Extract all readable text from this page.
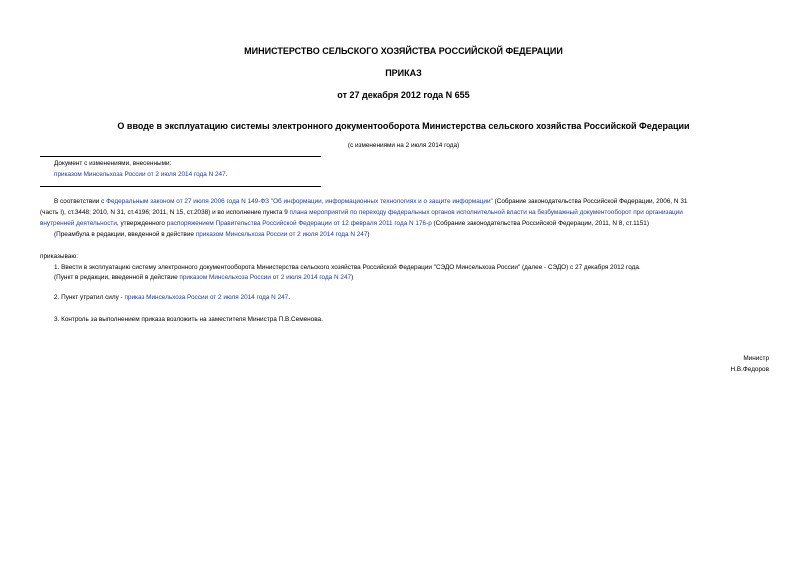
МИНИСТЕРСТВО СЕЛЬСКОГО ХОЗЯЙСТВА РОССИЙСКОЙ ФЕДЕРАЦИИ
ПРИКАЗ
от 27 декабря 2012 года N 655
О вводе в эксплуатацию системы электронного документооборота Министерства сельского хозяйства Российской Федерации
(с изменениями на 2 июля 2014 года)
Документ с изменениями, внесенными:
приказом Минсельхоза России от 2 июля 2014 года N 247.
В соответствии с Федеральным законом от 27 июля 2006 года N 149-ФЗ "Об информации, информационных технологиях и о защите информации" (Собрание законодательства Российской Федерации, 2006, N 31
(часть I), ст.3448; 2010, N 31, ст.4196; 2011, N 15, ст.2038) и во исполнение пункта 9 плана мероприятий по переходу федеральных органов исполнительной власти на безбумажный документооборот при организации
внутренней деятельности, утвержденного распоряжением Правительства Российской Федерации от 12 февраля 2011 года N 176-р (Собрание законодательства Российской Федерации, 2011, N 8, ст.1151)
(Преамбула в редакции, введенной в действие приказом Минсельхоза России от 2 июля 2014 года N 247)
приказываю:
1. Ввести в эксплуатацию систему электронного документооборота Министерства сельского хозяйства Российской Федерации "СЭДО Минсельхоза России" (далее - СЭДО) с 27 декабря 2012 года.
(Пункт в редакции, введенной в действие приказом Минсельхоза России от 2 июля 2014 года N 247)
2. Пункт утратил силу - приказ Минсельхоза России от 2 июля 2014 года N 247.
3. Контроль за выполнением приказа возложить на заместителя Министра П.В.Семенова.
Министр
Н.В.Федоров
